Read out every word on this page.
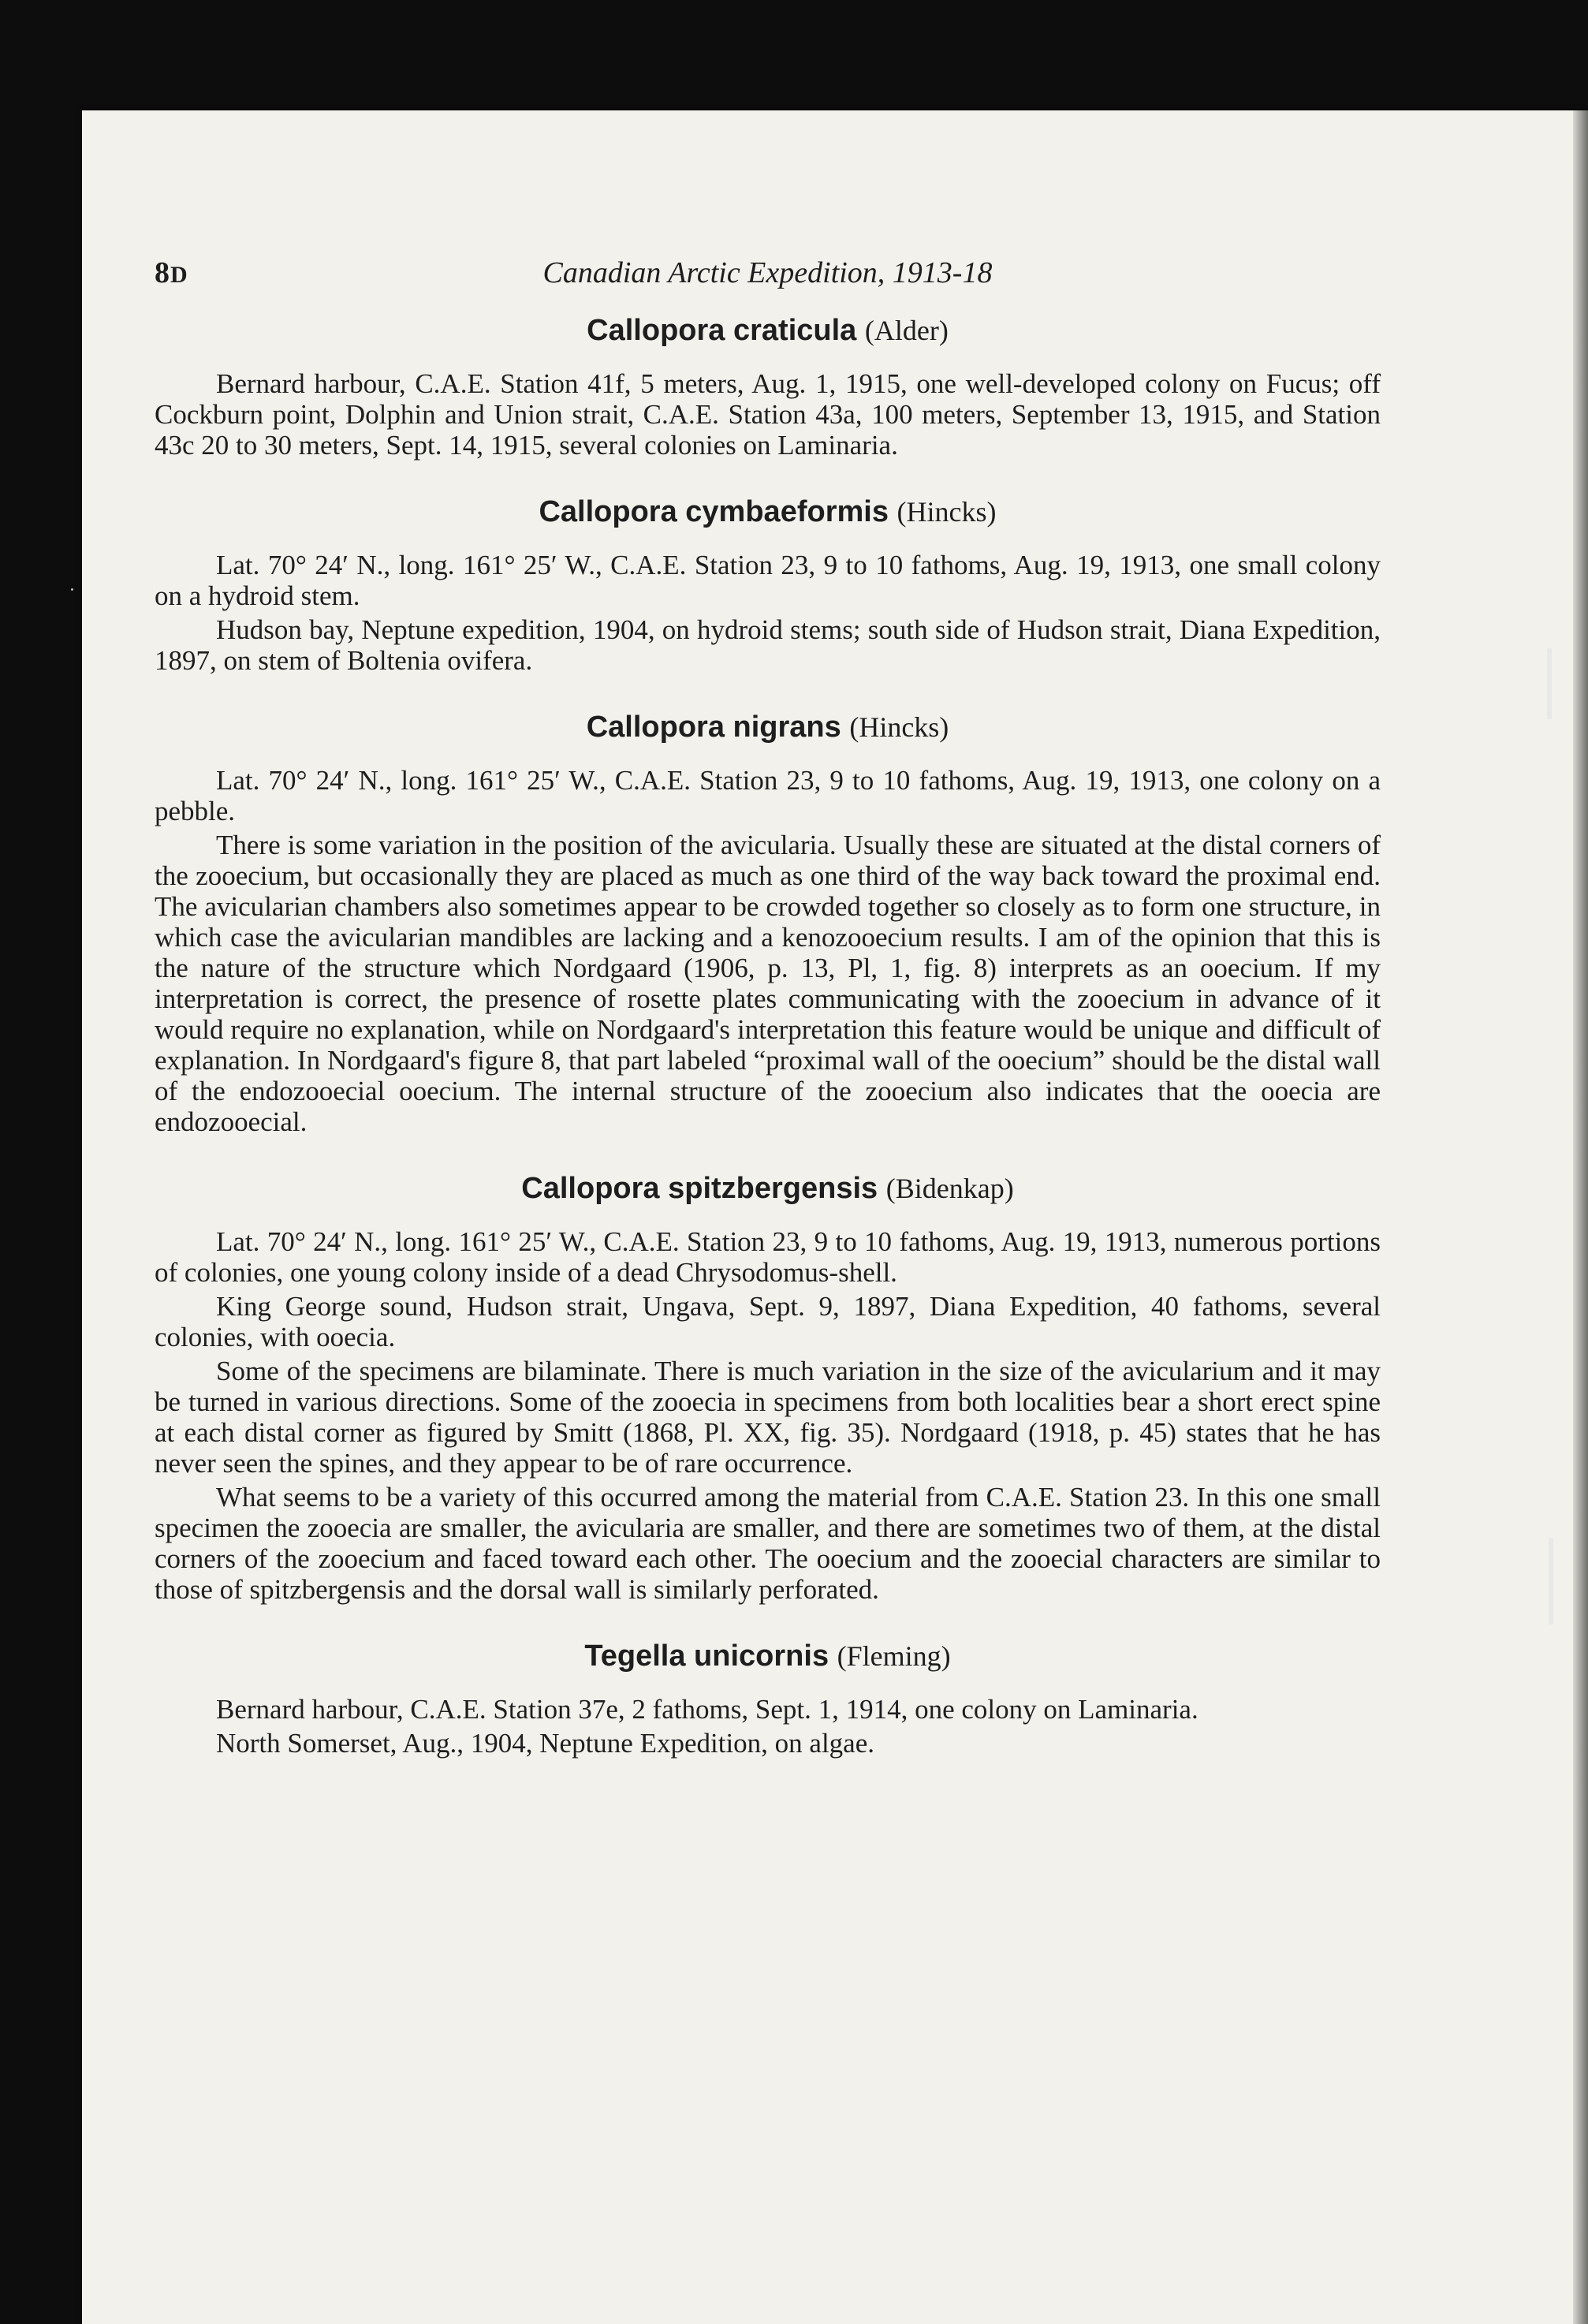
8D	Canadian Arctic Expedition, 1913-18
Callopora craticula (Alder)

Bernard harbour, C.A.E. Station 41f, 5 meters, Aug. 1, 1915, one well-developed colony on Fucus; off Cockburn point, Dolphin and Union strait, C.A.E. Station 43a, 100 meters, September 13, 1915, and Station 43c 20 to 30 meters, Sept. 14, 1915, several colonies on Laminaria.

Callopora cymbaeformis (Hincks)

Lat. 70° 24′ N., long. 161° 25′ W., C.A.E. Station 23, 9 to 10 fathoms, Aug. 19, 1913, one small colony on a hydroid stem.

Hudson bay, Neptune expedition, 1904, on hydroid stems; south side of Hudson strait, Diana Expedition, 1897, on stem of Boltenia ovifera.

Callopora nigrans (Hincks)

Lat. 70° 24′ N., long. 161° 25′ W., C.A.E. Station 23, 9 to 10 fathoms, Aug. 19, 1913, one colony on a pebble.

There is some variation in the position of the avicularia. Usually these are situated at the distal corners of the zooecium, but occasionally they are placed as much as one third of the way back toward the proximal end. The avicularian chambers also sometimes appear to be crowded together so closely as to form one structure, in which case the avicularian mandibles are lacking and a kenozooecium results. I am of the opinion that this is the nature of the structure which Nordgaard (1906, p. 13, Pl, 1, fig. 8) interprets as an ooecium. If my interpretation is correct, the presence of rosette plates communicating with the zooecium in advance of it would require no explanation, while on Nordgaard's interpretation this feature would be unique and difficult of explanation. In Nordgaard's figure 8, that part labeled “proximal wall of the ooecium” should be the distal wall of the endozooecial ooecium. The internal structure of the zooecium also indicates that the ooecia are endozooecial.

Callopora spitzbergensis (Bidenkap)

Lat. 70° 24′ N., long. 161° 25′ W., C.A.E. Station 23, 9 to 10 fathoms, Aug. 19, 1913, numerous portions of colonies, one young colony inside of a dead Chrysodomus-shell.

King George sound, Hudson strait, Ungava, Sept. 9, 1897, Diana Expedition, 40 fathoms, several colonies, with ooecia.

Some of the specimens are bilaminate. There is much variation in the size of the avicularium and it may be turned in various directions. Some of the zooecia in specimens from both localities bear a short erect spine at each distal corner as figured by Smitt (1868, Pl. XX, fig. 35). Nordgaard (1918, p. 45) states that he has never seen the spines, and they appear to be of rare occurrence.

What seems to be a variety of this occurred among the material from C.A.E. Station 23. In this one small specimen the zooecia are smaller, the avicularia are smaller, and there are sometimes two of them, at the distal corners of the zooecium and faced toward each other. The ooecium and the zooecial characters are similar to those of spitzbergensis and the dorsal wall is similarly perforated.

Tegella unicornis (Fleming)

Bernard harbour, C.A.E. Station 37e, 2 fathoms, Sept. 1, 1914, one colony on Laminaria.

North Somerset, Aug., 1904, Neptune Expedition, on algae.
